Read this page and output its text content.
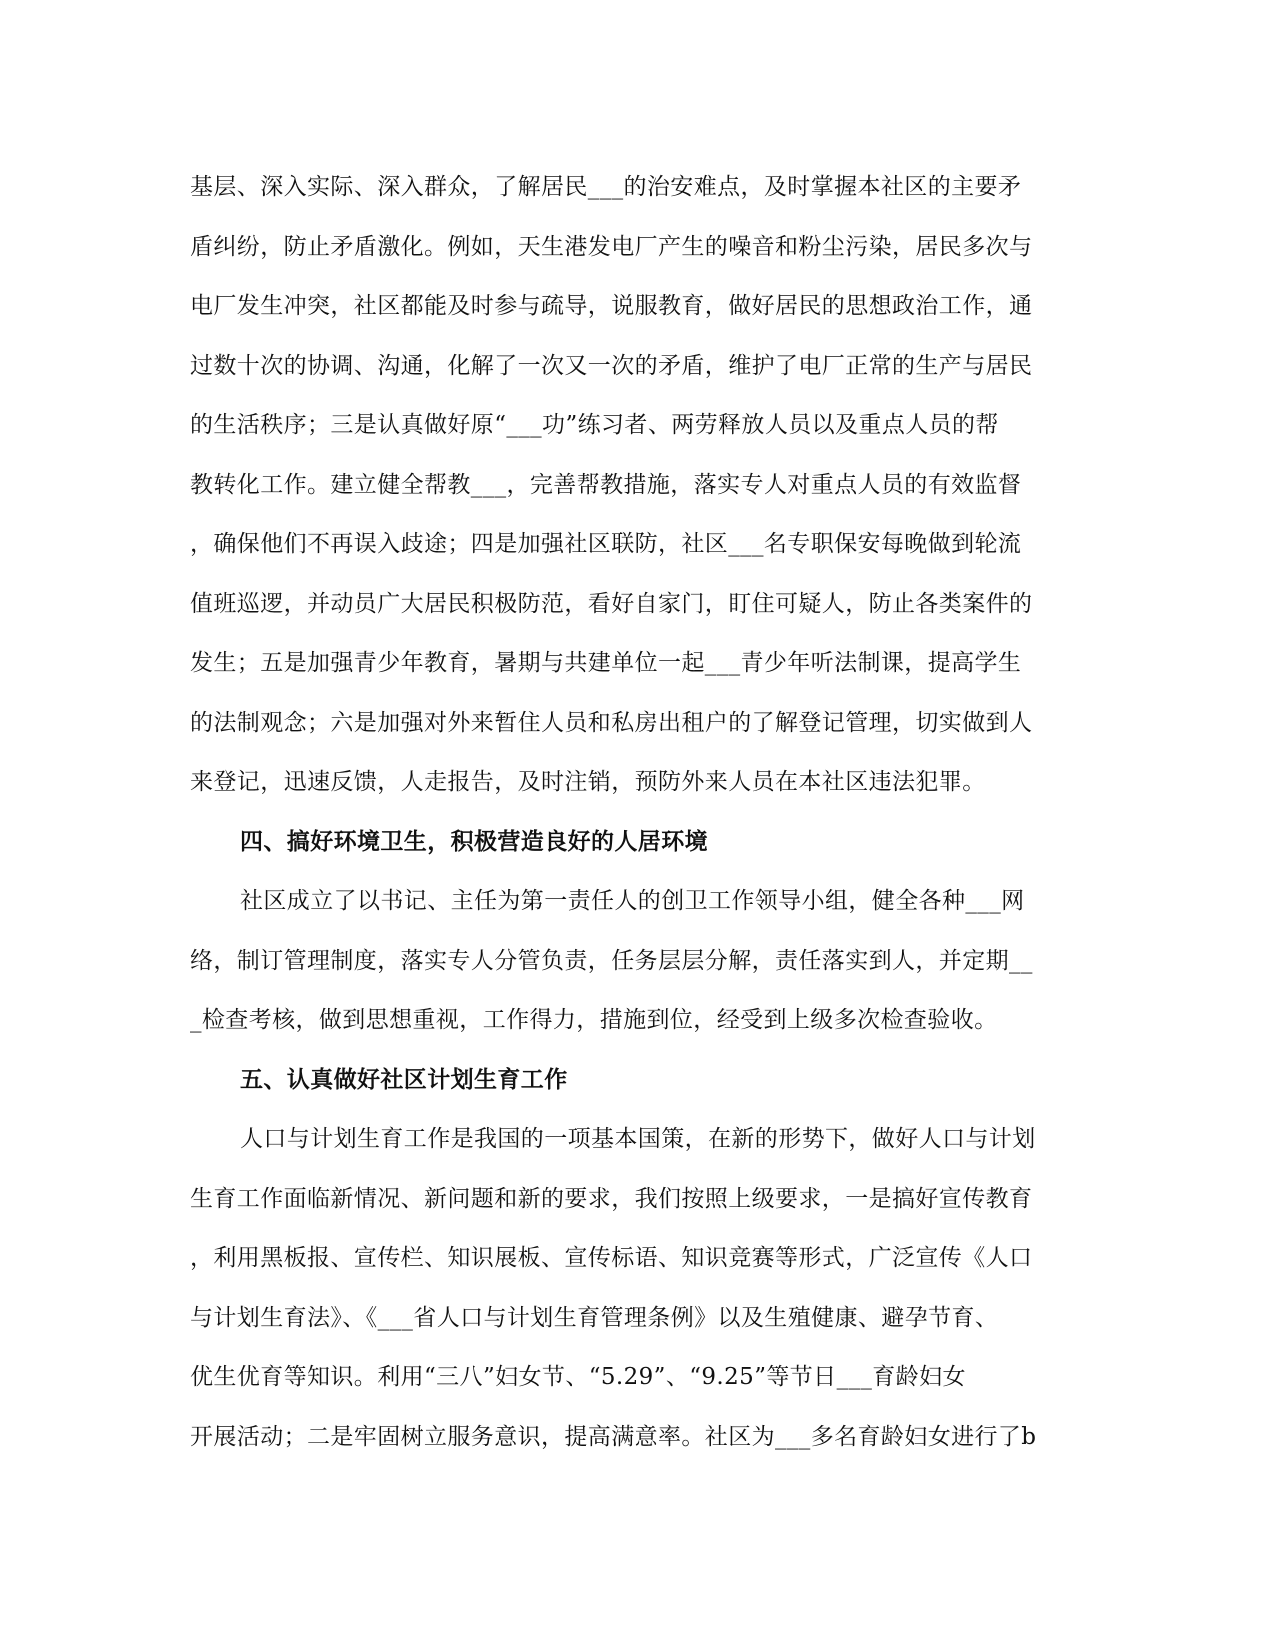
基层、深入实际、深入群众，了解居民___的治安难点，及时掌握本社区的主要矛
盾纠纷，防止矛盾激化。例如，天生港发电厂产生的噪音和粉尘污染，居民多次与
电厂发生冲突，社区都能及时参与疏导，说服教育，做好居民的思想政治工作，通
过数十次的协调、沟通，化解了一次又一次的矛盾，维护了电厂正常的生产与居民
的生活秩序；三是认真做好原“___功”练习者、两劳释放人员以及重点人员的帮
教转化工作。建立健全帮教___，完善帮教措施，落实专人对重点人员的有效监督
，确保他们不再误入歧途；四是加强社区联防，社区___名专职保安每晚做到轮流
值班巡逻，并动员广大居民积极防范，看好自家门，盯住可疑人，防止各类案件的
发生；五是加强青少年教育，暑期与共建单位一起___青少年听法制课，提高学生
的法制观念；六是加强对外来暂住人员和私房出租户的了解登记管理，切实做到人
来登记，迅速反馈，人走报告，及时注销，预防外来人员在本社区违法犯罪。
四、搞好环境卫生，积极营造良好的人居环境
社区成立了以书记、主任为第一责任人的创卫工作领导小组，健全各种___网
络，制订管理制度，落实专人分管负责，任务层层分解，责任落实到人，并定期__
_检查考核，做到思想重视，工作得力，措施到位，经受到上级多次检查验收。
五、认真做好社区计划生育工作
人口与计划生育工作是我国的一项基本国策，在新的形势下，做好人口与计划
生育工作面临新情况、新问题和新的要求，我们按照上级要求，一是搞好宣传教育
，利用黑板报、宣传栏、知识展板、宣传标语、知识竞赛等形式，广泛宣传《人口
与计划生育法》、《___省人口与计划生育管理条例》以及生殖健康、避孕节育、
优生优育等知识。利用“三八”妇女节、“5.29”、“9.25”等节日___育龄妇女
开展活动；二是牢固树立服务意识，提高满意率。社区为___多名育龄妇女进行了b
